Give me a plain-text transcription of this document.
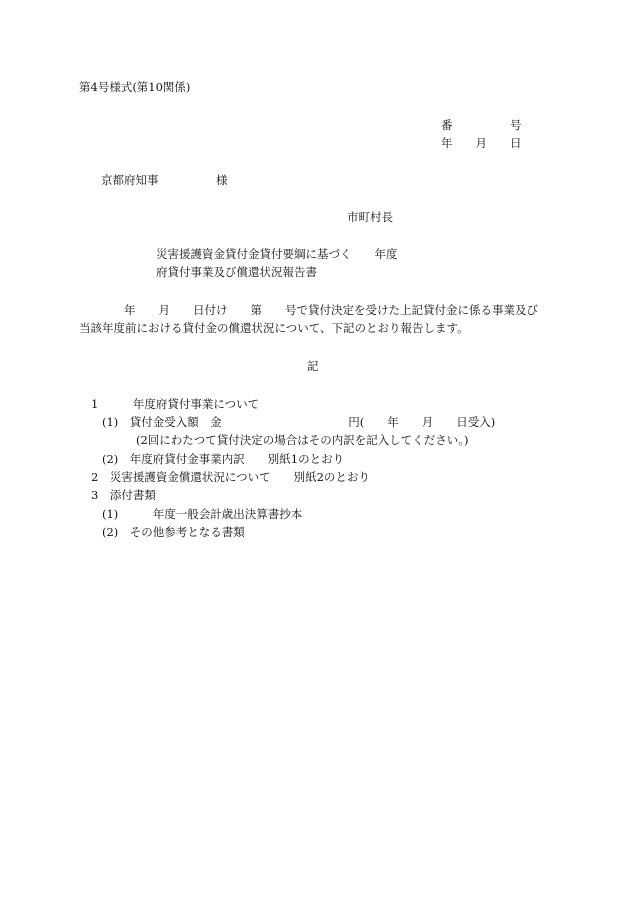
第4号様式(第10関係)
番　　　　　号
年　　月　　日
京都府知事　　　　　様
市町村長
災害援護資金貸付金貸付要綱に基づく　　年度
府貸付事業及び償還状況報告書
年　　月　　日付け　　第　　号で貸付決定を受けた上記貸付金に係る事業及び
当該年度前における貸付金の償還状況について、下記のとおり報告します。
記
1　　　年度府貸付事業について
(1)　貸付金受入額　金　　　　　　　　　　　円(　　年　　月　　日受入)
(2回にわたつて貸付決定の場合はその内訳を記入してください。)
(2)　年度府貸付金事業内訳　　別紙1のとおり
2　災害援護資金償還状況について　　別紙2のとおり
3　添付書類
(1)　　　年度一般会計歳出決算書抄本
(2)　その他参考となる書類
